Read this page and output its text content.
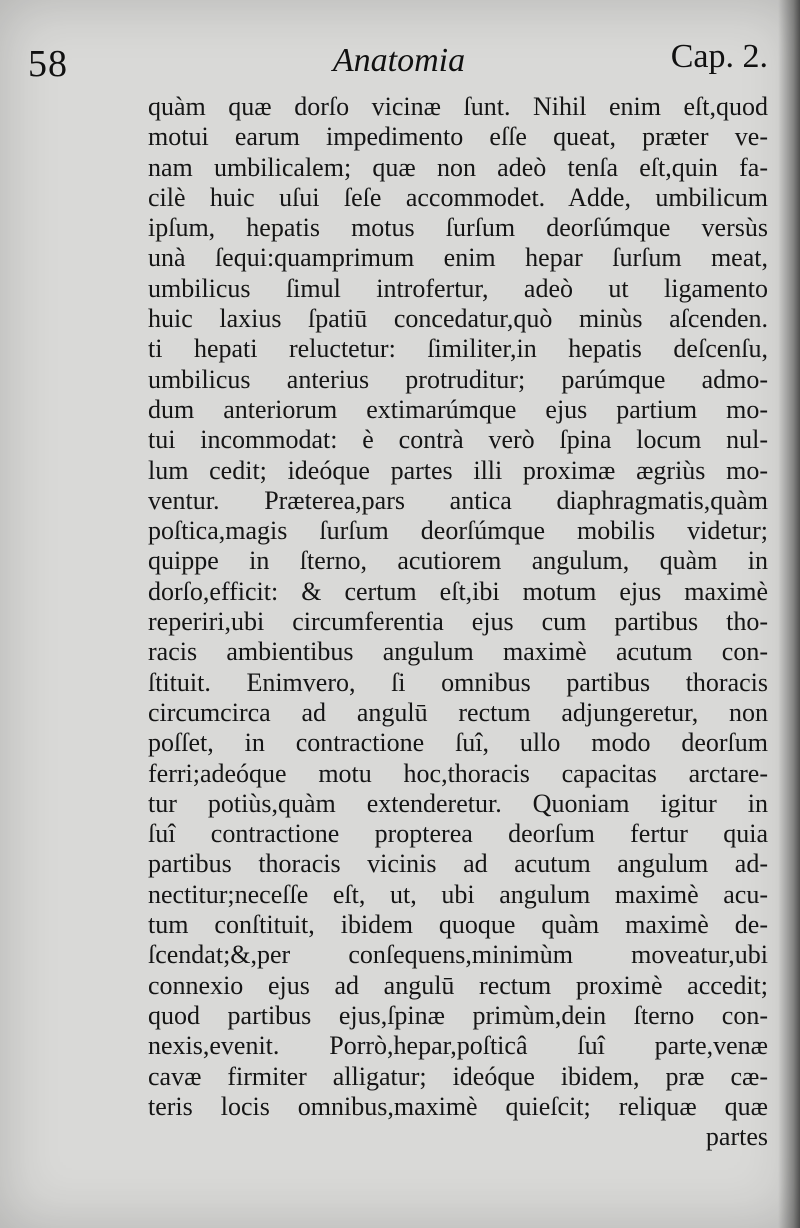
58	Anatomia	Cap. 2.
quàm quæ dorſo vicinæ ſunt. Nihil enim eſt,quod
motui earum impedimento eſſe queat, præter ve-
nam umbilicalem; quæ non adeò tenſa eſt,quin fa-
cilè huic uſui ſeſe accommodet. Adde, umbilicum
ipſum, hepatis motus ſurſum deorſúmque versùs
unà ſequi:quamprimum enim hepar ſurſum meat,
umbilicus ſimul introfertur, adeò ut ligamento
huic laxius ſpatiū concedatur,quò minùs aſcenden.
ti hepati reluctetur: ſimiliter,in hepatis deſcenſu,
umbilicus anterius protruditur; parúmque admo-
dum anteriorum extimarúmque ejus partium mo-
tui incommodat: è contrà verò ſpina locum nul-
lum cedit; ideóque partes illi proximæ ægriùs mo-
ventur. Præterea,pars antica diaphragmatis,quàm
poſtica,magis ſurſum deorſúmque mobilis videtur;
quippe in ſterno, acutiorem angulum, quàm in
dorſo,efficit: & certum eſt,ibi motum ejus maximè
reperiri,ubi circumferentia ejus cum partibus tho-
racis ambientibus angulum maximè acutum con-
ſtituit. Enimvero, ſi omnibus partibus thoracis
circumcirca ad angulū rectum adjungeretur, non
poſſet, in contractione ſuî, ullo modo deorſum
ferri;adeóque motu hoc,thoracis capacitas arctare-
tur potiùs,quàm extenderetur. Quoniam igitur in
ſuî contractione propterea deorſum fertur quia
partibus thoracis vicinis ad acutum angulum ad-
nectitur;neceſſe eſt, ut, ubi angulum maximè acu-
tum conſtituit, ibidem quoque quàm maximè de-
ſcendat;&,per conſequens,minimùm moveatur,ubi
connexio ejus ad angulū rectum proximè accedit;
quod partibus ejus,ſpinæ primùm,dein ſterno con-
nexis,evenit. Porrò,hepar,poſticâ ſuî parte,venæ
cavæ firmiter alligatur; ideóque ibidem, præ cæ-
teris locis omnibus,maximè quieſcit; reliquæ quæ
partes
